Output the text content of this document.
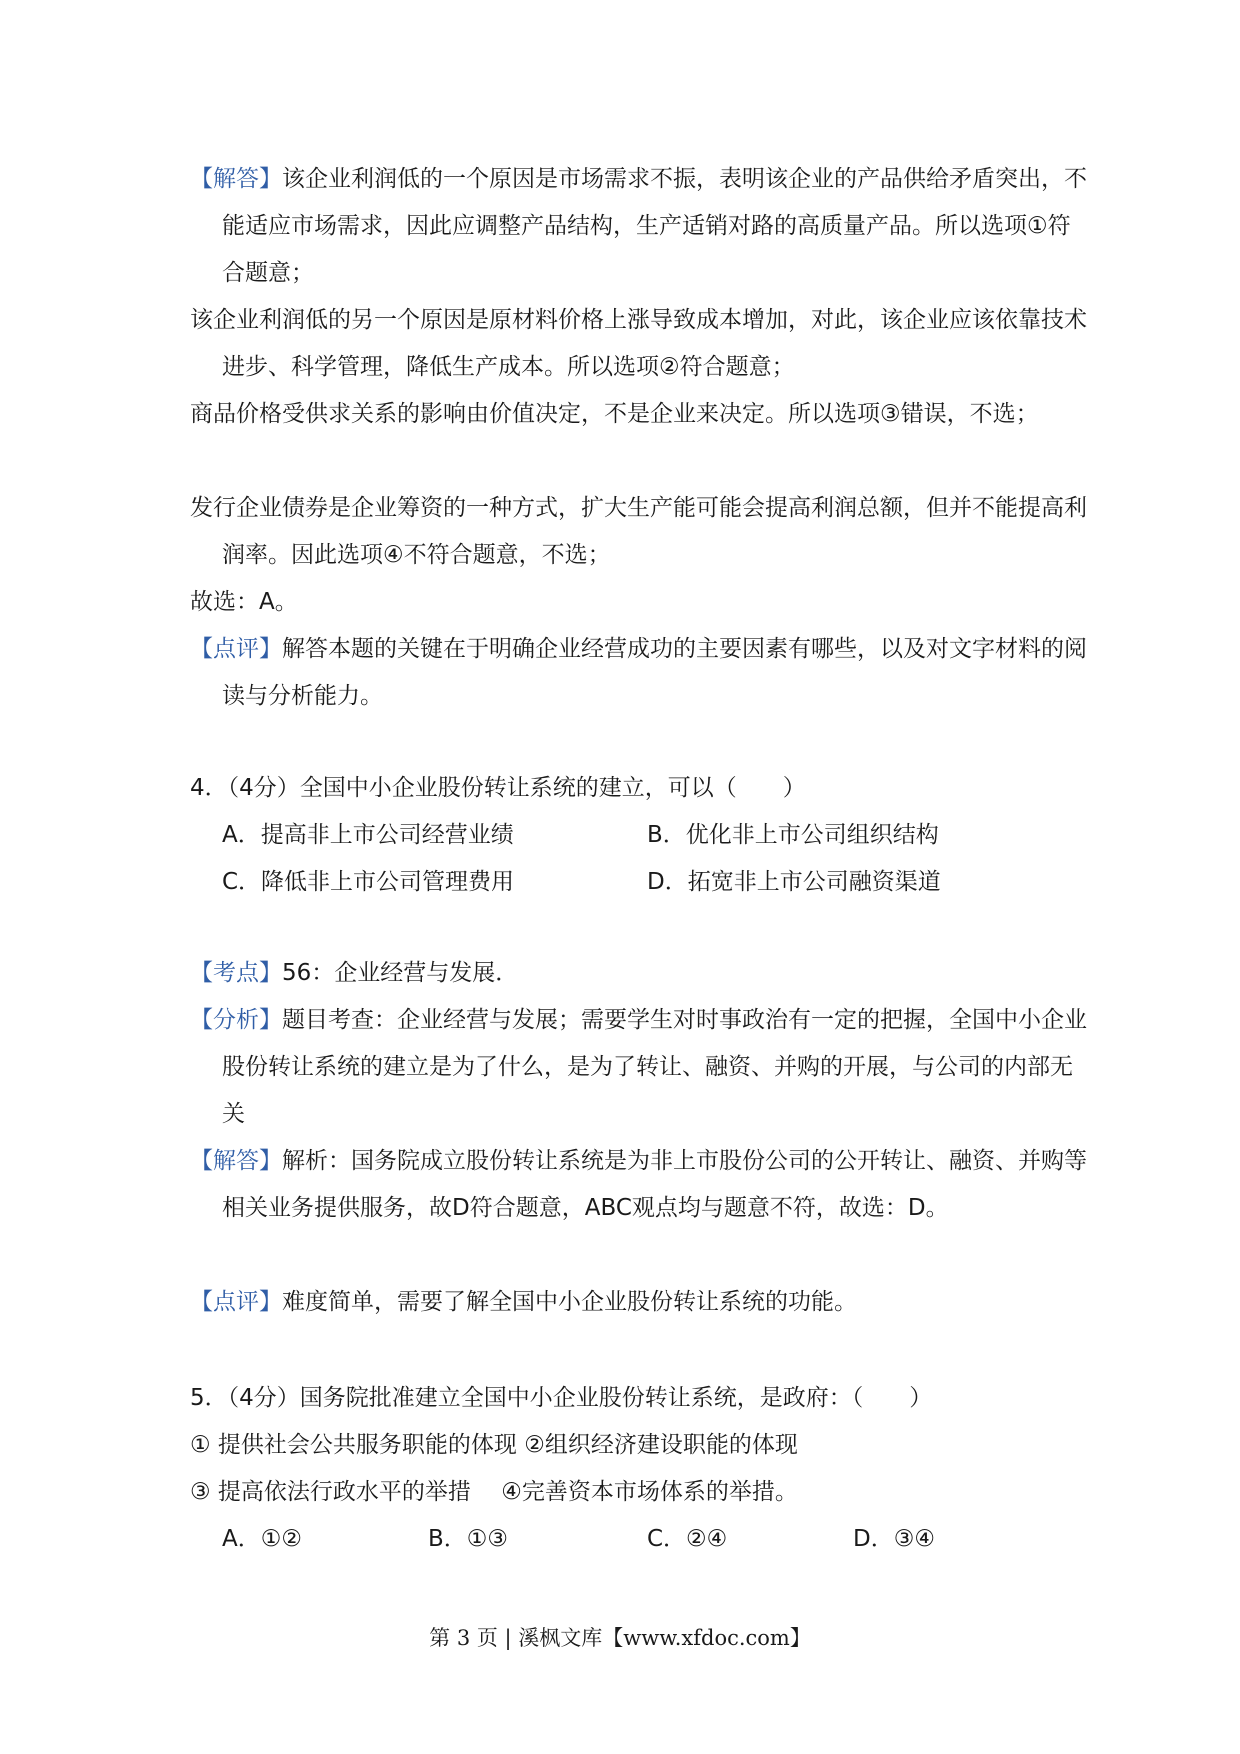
【解答】该企业利润低的一个原因是市场需求不振，表明该企业的产品供给矛盾突出，不能适应市场需求，因此应调整产品结构，生产适销对路的高质量产品。所以选项①符合题意；
该企业利润低的另一个原因是原材料价格上涨导致成本增加，对此，该企业应该依靠技术进步、科学管理，降低生产成本。所以选项②符合题意；
商品价格受供求关系的影响由价值决定，不是企业来决定。所以选项③错误，不选；
发行企业债券是企业筹资的一种方式，扩大生产能可能会提高利润总额，但并不能提高利润率。因此选项④不符合题意，不选；
故选：A。
【点评】解答本题的关键在于明确企业经营成功的主要因素有哪些，以及对文字材料的阅读与分析能力。
4．（4分）全国中小企业股份转让系统的建立，可以（　　）
A．提高非上市公司经营业绩	B．优化非上市公司组织结构
C．降低非上市公司管理费用	D．拓宽非上市公司融资渠道
【考点】56：企业经营与发展．
【分析】题目考查：企业经营与发展；需要学生对时事政治有一定的把握，全国中小企业股份转让系统的建立是为了什么，是为了转让、融资、并购的开展，与公司的内部无关
【解答】解析：国务院成立股份转让系统是为非上市股份公司的公开转让、融资、并购等相关业务提供服务，故D符合题意，ABC观点均与题意不符，故选：D。
【点评】难度简单，需要了解全国中小企业股份转让系统的功能。
5．（4分）国务院批准建立全国中小企业股份转让系统，是政府：（　　）
① 提供社会公共服务职能的体现 ②组织经济建设职能的体现
③ 提高依法行政水平的举措　 ④完善资本市场体系的举措。
A．①②	B．①③	C．②④	D．③④
第 3 页 | 溪枫文库【www.xfdoc.com】
